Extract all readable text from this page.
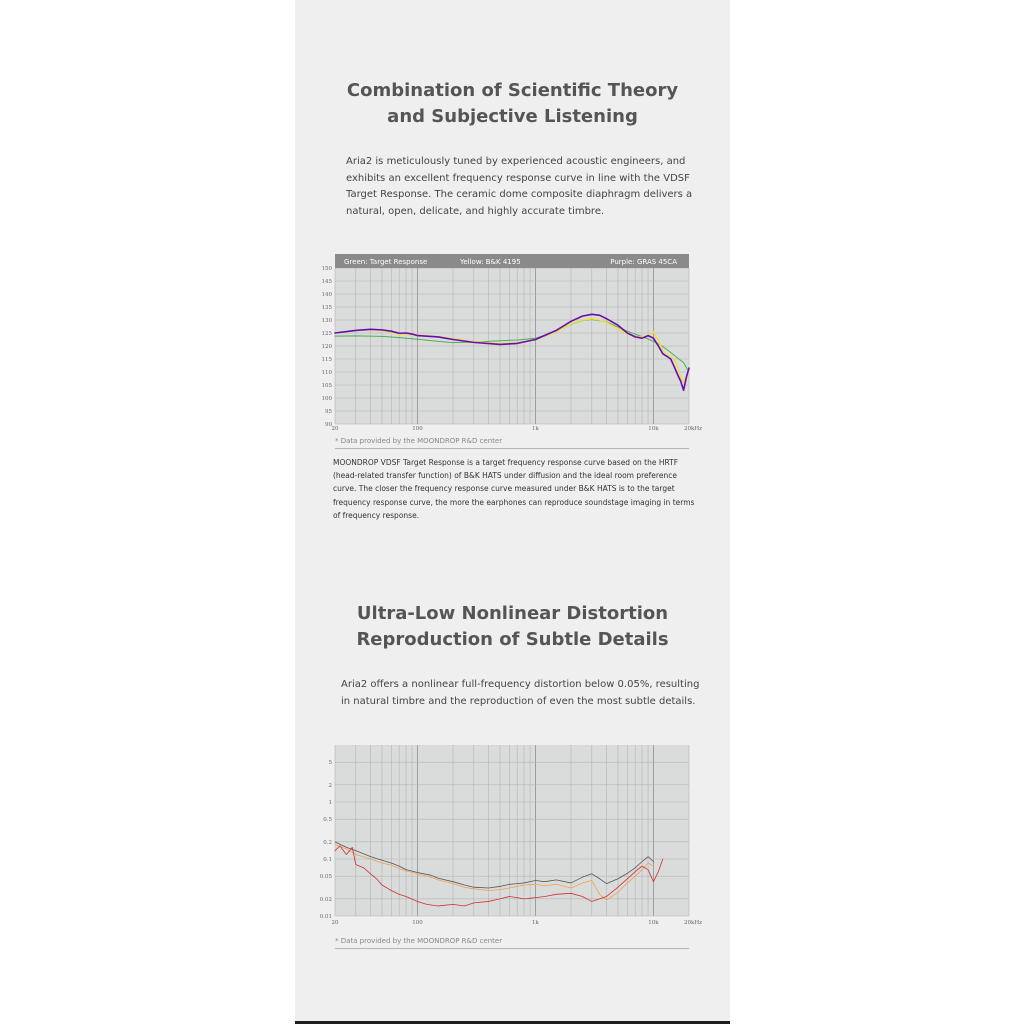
Combination of Scientific Theory
and Subjective Listening

Aria2 is meticulously tuned by experienced acoustic engineers, and
exhibits an excellent frequency response curve in line with the VDSF
Target Response. The ceramic dome composite diaphragm delivers a
natural, open, delicate, and highly accurate timbre.

Green: Target Response	Yellow: B&K 4195	Purple: GRAS 45CA
90
95
100
105
110
115
120
125
130
135
140
145
150
20	100	1k	10k	20kHz
* Data provided by the MOONDROP R&D center

MOONDROP VDSF Target Response is a target frequency response curve based on the HRTF
(head-related transfer function) of B&K HATS under diffusion and the ideal room preference
curve. The closer the frequency response curve measured under B&K HATS is to the target
frequency response curve, the more the earphones can reproduce soundstage imaging in terms
of frequency response.

Ultra-Low Nonlinear Distortion
Reproduction of Subtle Details

Aria2 offers a nonlinear full-frequency distortion below 0.05%, resulting
in natural timbre and the reproduction of even the most subtle details.

0.01
0.02
0.05
0.1
0.2
0.5
1
2
5
20	100	1k	10k	20kHz
* Data provided by the MOONDROP R&D center
